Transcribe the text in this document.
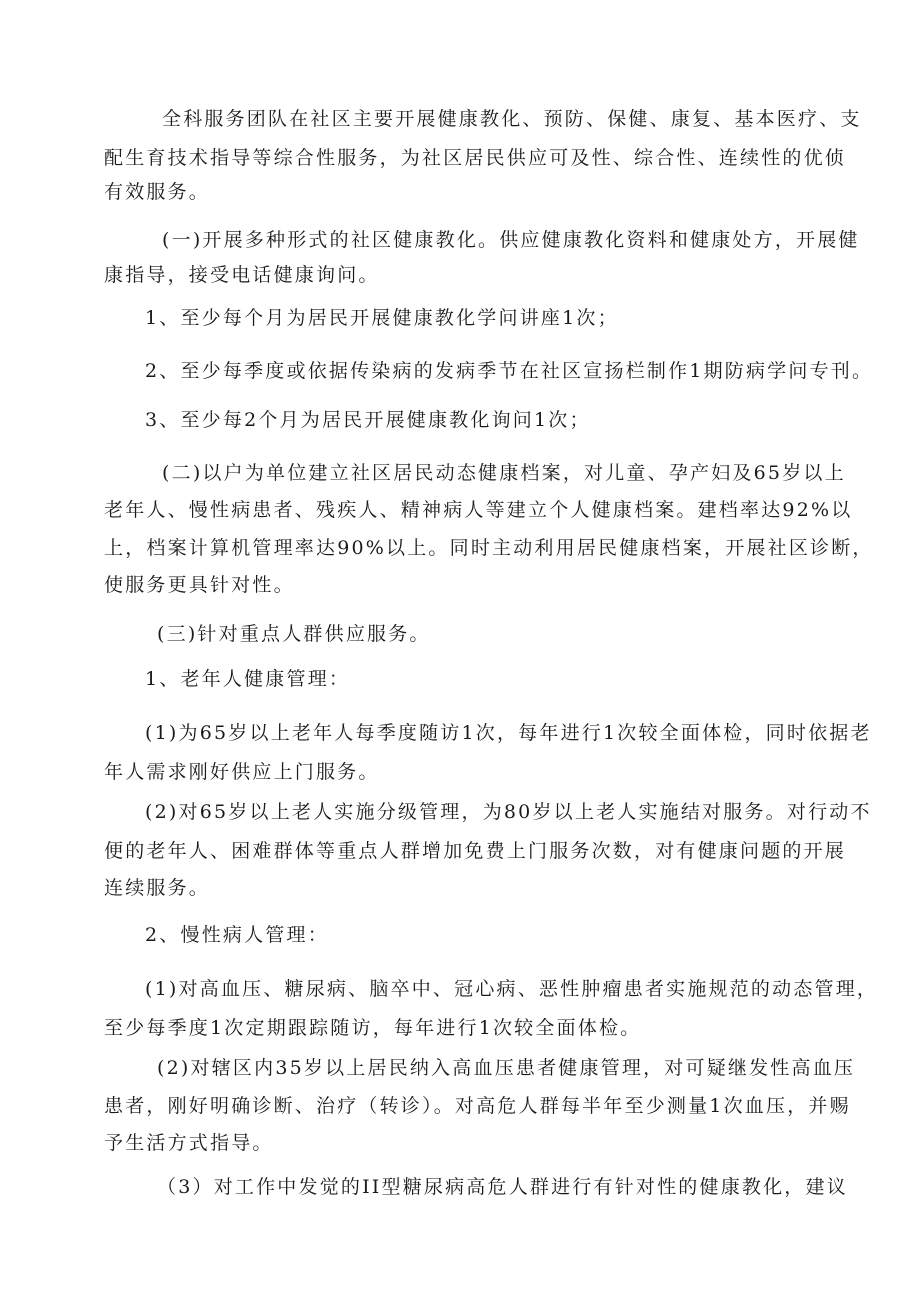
全科服务团队在社区主要开展健康教化、预防、保健、康复、基本医疗、支
配生育技术指导等综合性服务，为社区居民供应可及性、综合性、连续性的优侦
有效服务。
(一)开展多种形式的社区健康教化。供应健康教化资料和健康处方，开展健
康指导，接受电话健康询问。
1、至少每个月为居民开展健康教化学问讲座1次；
2、至少每季度或依据传染病的发病季节在社区宣扬栏制作1期防病学问专刊。
3、至少每2个月为居民开展健康教化询问1次；
(二)以户为单位建立社区居民动态健康档案，对儿童、孕产妇及65岁以上
老年人、慢性病患者、残疾人、精神病人等建立个人健康档案。建档率达92%以
上，档案计算机管理率达90%以上。同时主动利用居民健康档案，开展社区诊断，
使服务更具针对性。
(三)针对重点人群供应服务。
1、老年人健康管理：
(1)为65岁以上老年人每季度随访1次，每年进行1次较全面体检，同时依据老
年人需求刚好供应上门服务。
(2)对65岁以上老人实施分级管理，为80岁以上老人实施结对服务。对行动不
便的老年人、困难群体等重点人群增加免费上门服务次数，对有健康问题的开展
连续服务。
2、慢性病人管理：
(1)对高血压、糖尿病、脑卒中、冠心病、恶性肿瘤患者实施规范的动态管理，
至少每季度1次定期跟踪随访，每年进行1次较全面体检。
(2)对辖区内35岁以上居民纳入高血压患者健康管理，对可疑继发性高血压
患者，刚好明确诊断、治疗（转诊）。对高危人群每半年至少测量1次血压，并赐
予生活方式指导。
（3）对工作中发觉的II型糖尿病高危人群进行有针对性的健康教化，建议
